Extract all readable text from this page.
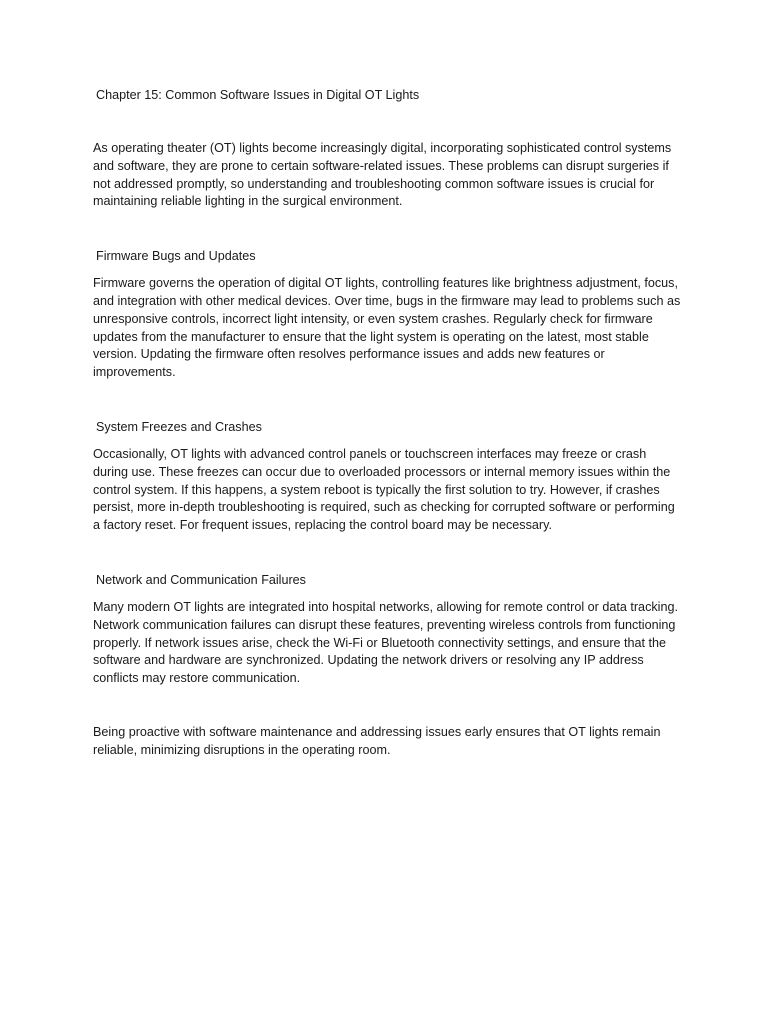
Chapter 15: Common Software Issues in Digital OT Lights

As operating theater (OT) lights become increasingly digital, incorporating sophisticated control systems and software, they are prone to certain software-related issues. These problems can disrupt surgeries if not addressed promptly, so understanding and troubleshooting common software issues is crucial for maintaining reliable lighting in the surgical environment.

Firmware Bugs and Updates

Firmware governs the operation of digital OT lights, controlling features like brightness adjustment, focus, and integration with other medical devices. Over time, bugs in the firmware may lead to problems such as unresponsive controls, incorrect light intensity, or even system crashes. Regularly check for firmware updates from the manufacturer to ensure that the light system is operating on the latest, most stable version. Updating the firmware often resolves performance issues and adds new features or improvements.

System Freezes and Crashes

Occasionally, OT lights with advanced control panels or touchscreen interfaces may freeze or crash during use. These freezes can occur due to overloaded processors or internal memory issues within the control system. If this happens, a system reboot is typically the first solution to try. However, if crashes persist, more in-depth troubleshooting is required, such as checking for corrupted software or performing a factory reset. For frequent issues, replacing the control board may be necessary.

Network and Communication Failures

Many modern OT lights are integrated into hospital networks, allowing for remote control or data tracking. Network communication failures can disrupt these features, preventing wireless controls from functioning properly. If network issues arise, check the Wi-Fi or Bluetooth connectivity settings, and ensure that the software and hardware are synchronized. Updating the network drivers or resolving any IP address conflicts may restore communication.

Being proactive with software maintenance and addressing issues early ensures that OT lights remain reliable, minimizing disruptions in the operating room.
